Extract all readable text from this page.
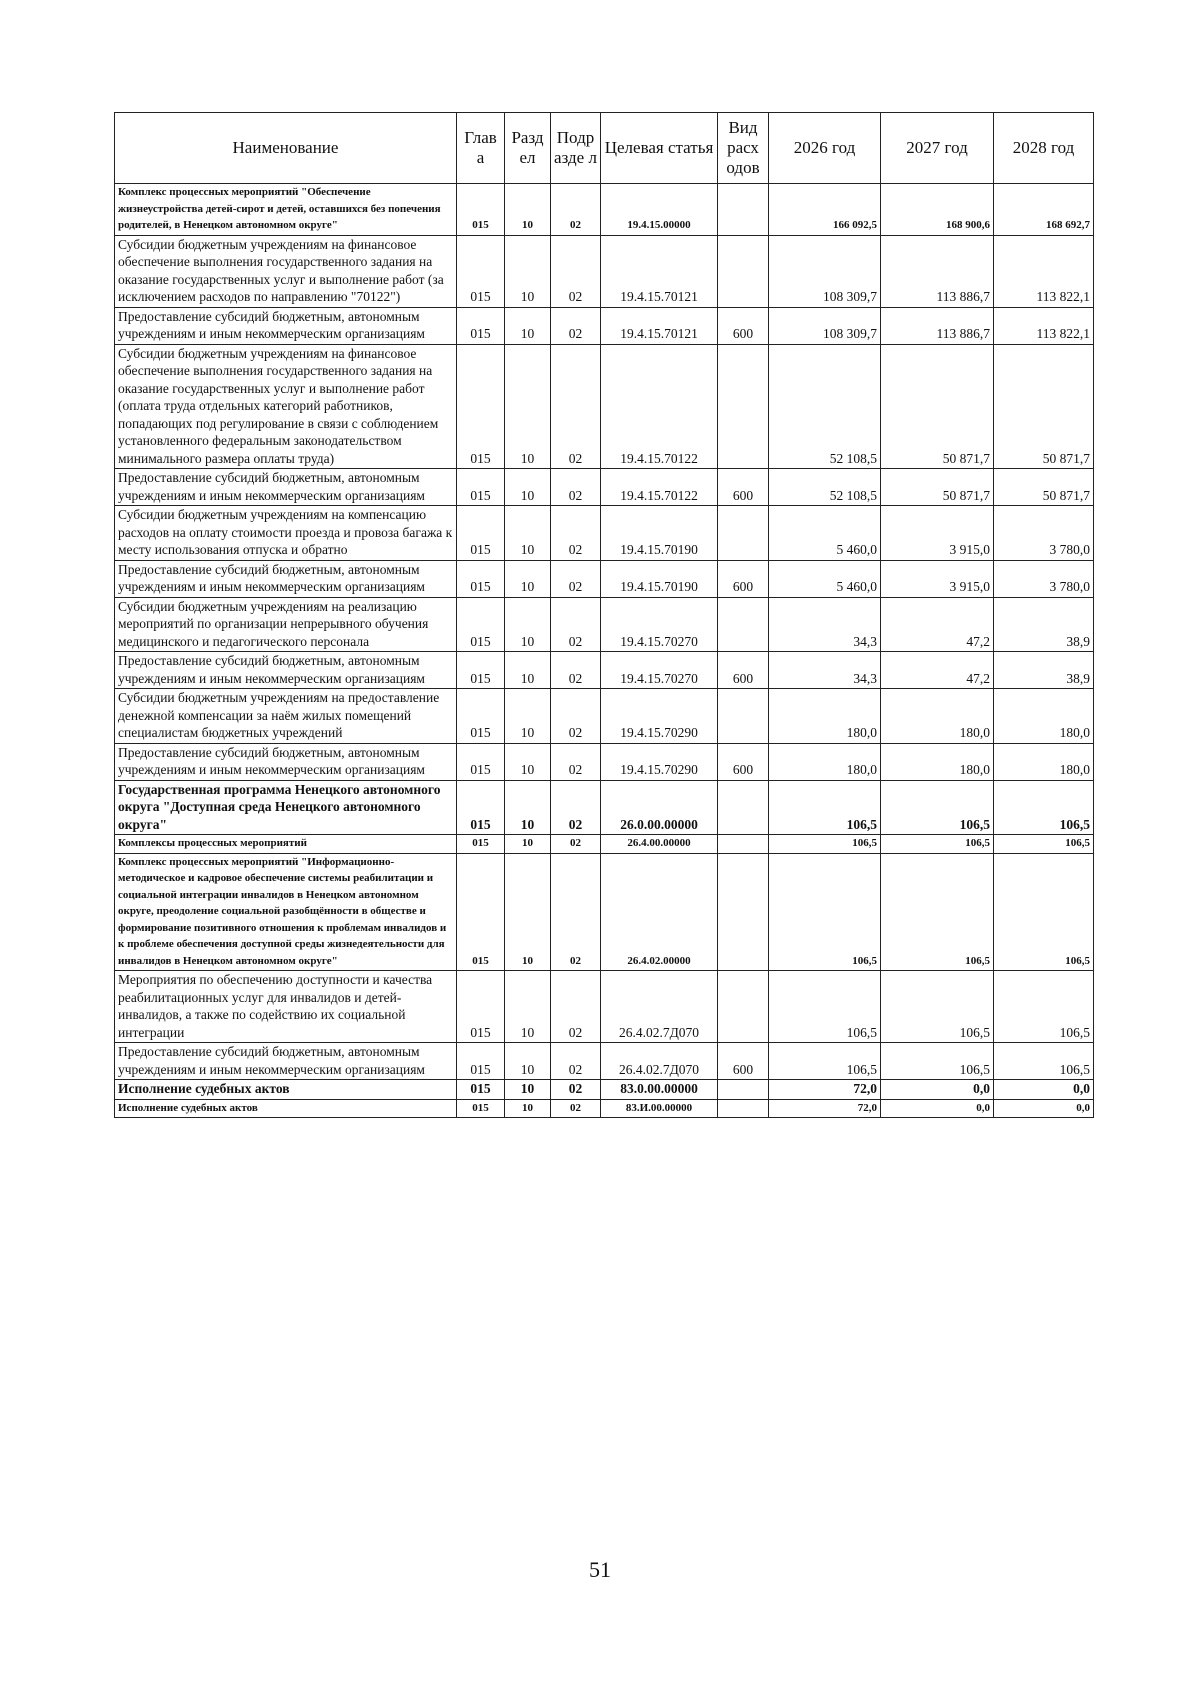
Наименование	Глав а	Разд ел	Подр азде л	Целевая статья	Вид расх одов	2026 год	2027 год	2028 год
Комплекс процессных мероприятий "Обеспечение жизнеустройства детей-сирот и детей, оставшихся без попечения родителей, в Ненецком автономном округе"	015	10	02	19.4.15.00000		166 092,5	168 900,6	168 692,7
Субсидии бюджетным учреждениям на финансовое обеспечение выполнения государственного задания на оказание государственных услуг и выполнение работ (за исключением расходов по направлению "70122")	015	10	02	19.4.15.70121		108 309,7	113 886,7	113 822,1
Предоставление субсидий бюджетным, автономным учреждениям и иным некоммерческим организациям	015	10	02	19.4.15.70121	600	108 309,7	113 886,7	113 822,1
Субсидии бюджетным учреждениям на финансовое обеспечение выполнения государственного задания на оказание государственных услуг и выполнение работ (оплата труда отдельных категорий работников, попадающих под регулирование в связи с соблюдением установленного федеральным законодательством минимального размера оплаты труда)	015	10	02	19.4.15.70122		52 108,5	50 871,7	50 871,7
Предоставление субсидий бюджетным, автономным учреждениям и иным некоммерческим организациям	015	10	02	19.4.15.70122	600	52 108,5	50 871,7	50 871,7
Субсидии бюджетным учреждениям на компенсацию расходов на оплату стоимости проезда и провоза багажа к месту использования отпуска и обратно	015	10	02	19.4.15.70190		5 460,0	3 915,0	3 780,0
Предоставление субсидий бюджетным, автономным учреждениям и иным некоммерческим организациям	015	10	02	19.4.15.70190	600	5 460,0	3 915,0	3 780,0
Субсидии бюджетным учреждениям на реализацию мероприятий по организации непрерывного обучения медицинского и педагогического персонала	015	10	02	19.4.15.70270		34,3	47,2	38,9
Предоставление субсидий бюджетным, автономным учреждениям и иным некоммерческим организациям	015	10	02	19.4.15.70270	600	34,3	47,2	38,9
Субсидии бюджетным учреждениям на предоставление денежной компенсации за наём жилых помещений специалистам бюджетных учреждений	015	10	02	19.4.15.70290		180,0	180,0	180,0
Предоставление субсидий бюджетным, автономным учреждениям и иным некоммерческим организациям	015	10	02	19.4.15.70290	600	180,0	180,0	180,0
Государственная программа Ненецкого автономного округа "Доступная среда Ненецкого автономного округа"	015	10	02	26.0.00.00000		106,5	106,5	106,5
Комплексы процессных мероприятий	015	10	02	26.4.00.00000		106,5	106,5	106,5
Комплекс процессных мероприятий "Информационно-методическое и кадровое обеспечение системы реабилитации и социальной интеграции инвалидов в Ненецком автономном округе, преодоление социальной разобщённости в обществе и формирование позитивного отношения к проблемам инвалидов и к проблеме обеспечения доступной среды жизнедеятельности для инвалидов в Ненецком автономном округе"	015	10	02	26.4.02.00000		106,5	106,5	106,5
Мероприятия по обеспечению доступности и качества реабилитационных услуг для инвалидов и детей-инвалидов, а также по содействию их социальной интеграции	015	10	02	26.4.02.7Д070		106,5	106,5	106,5
Предоставление субсидий бюджетным, автономным учреждениям и иным некоммерческим организациям	015	10	02	26.4.02.7Д070	600	106,5	106,5	106,5
Исполнение судебных актов	015	10	02	83.0.00.00000		72,0	0,0	0,0
Исполнение судебных актов	015	10	02	83.И.00.00000		72,0	0,0	0,0
51
